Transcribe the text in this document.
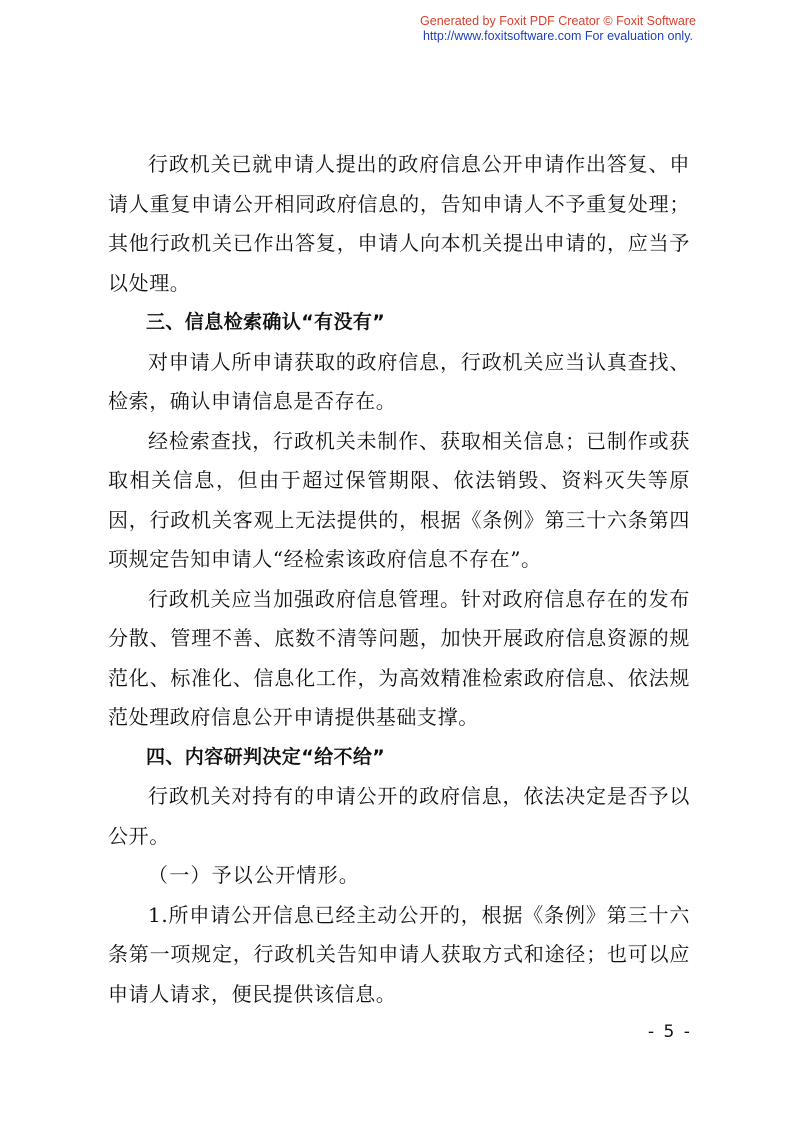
Generated by Foxit PDF Creator © Foxit Software
http://www.foxitsoftware.com For evaluation only.

行政机关已就申请人提出的政府信息公开申请作出答复、申请人重复申请公开相同政府信息的，告知申请人不予重复处理；其他行政机关已作出答复，申请人向本机关提出申请的，应当予以处理。

三、信息检索确认“有没有”

对申请人所申请获取的政府信息，行政机关应当认真查找、检索，确认申请信息是否存在。

经检索查找，行政机关未制作、获取相关信息；已制作或获取相关信息，但由于超过保管期限、依法销毁、资料灭失等原因，行政机关客观上无法提供的，根据《条例》第三十六条第四项规定告知申请人“经检索该政府信息不存在”。

行政机关应当加强政府信息管理。针对政府信息存在的发布分散、管理不善、底数不清等问题，加快开展政府信息资源的规范化、标准化、信息化工作，为高效精准检索政府信息、依法规范处理政府信息公开申请提供基础支撑。

四、内容研判决定“给不给”

行政机关对持有的申请公开的政府信息，依法决定是否予以公开。

（一）予以公开情形。

1.所申请公开信息已经主动公开的，根据《条例》第三十六条第一项规定，行政机关告知申请人获取方式和途径；也可以应申请人请求，便民提供该信息。

- 5 -
